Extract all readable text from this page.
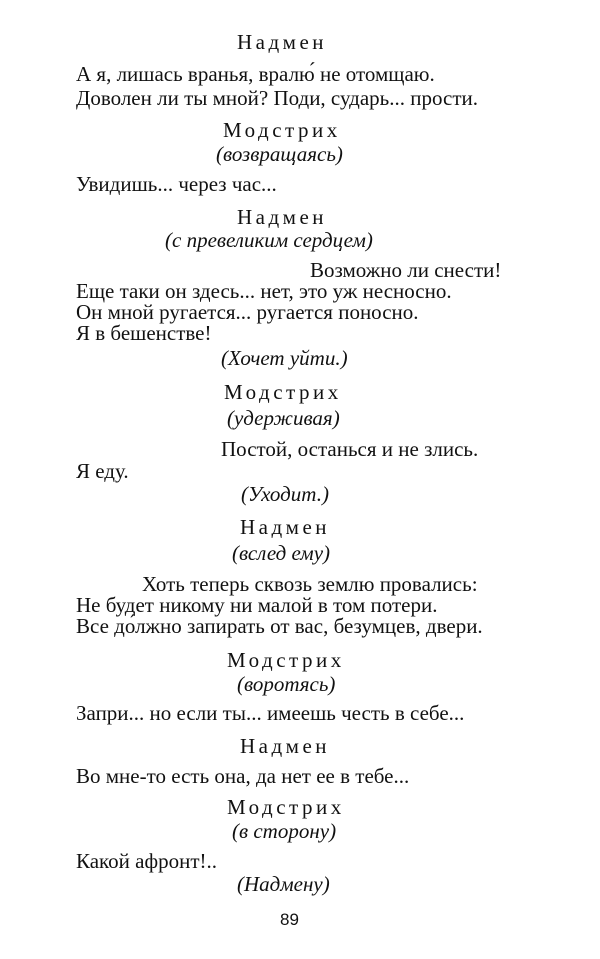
Надмен
А я, лишась вранья, вралю́ не отомщаю.
Доволен ли ты мной? Поди, сударь... прости.
Модстрих
(возвращаясь)
Увидишь... через час...
Надмен
(с превеликим сердцем)
Возможно ли снести!
Еще таки он здесь... нет, это уж несносно.
Он мной ругается... ругается поносно.
Я в бешенстве!
(Хочет уйти.)
Модстрих
(удерживая)
Постой, останься и не злись.
Я еду.
(Уходит.)
Надмен
(вслед ему)
Хоть теперь сквозь землю провались:
Не будет никому ни малой в том потери.
Все до́лжно запирать от вас, безумцев, двери.
Модстрих
(воротясь)
Запри... но если ты... имеешь честь в себе...
Надмен
Во мне-то есть она, да нет ее в тебе...
Модстрих
(в сторону)
Какой афронт!..
(Надмену)
89
